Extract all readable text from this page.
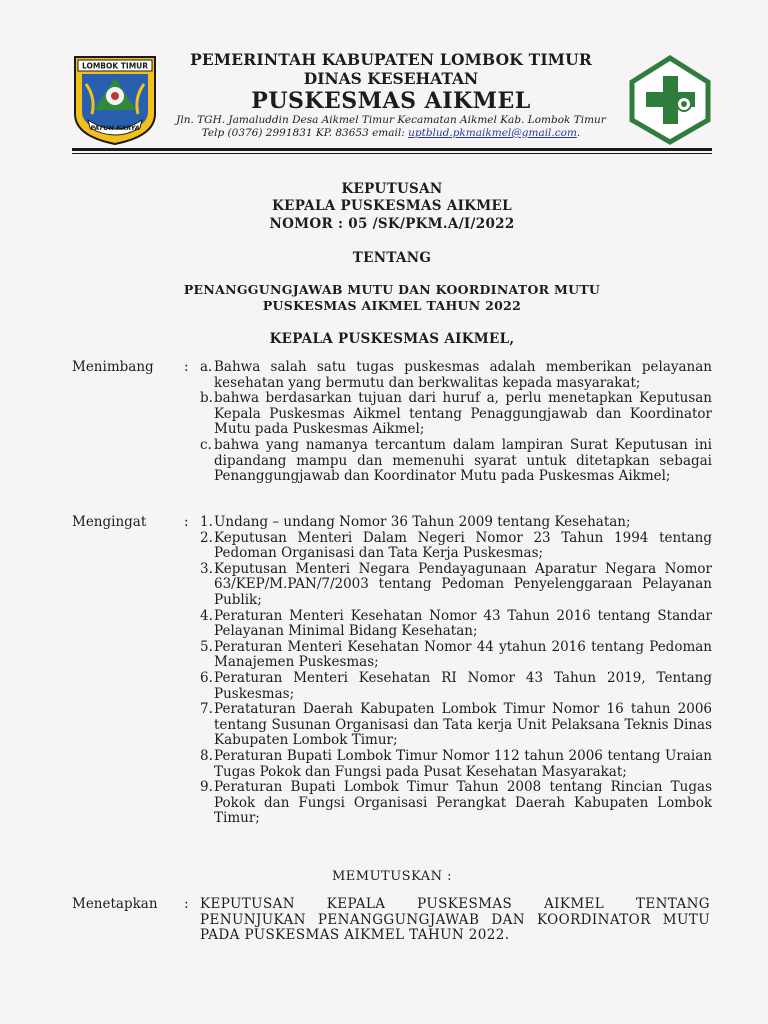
LOMBOK TIMUR
PATUH KARYA
PEMERINTAH KABUPATEN LOMBOK TIMUR
DINAS KESEHATAN
PUSKESMAS AIKMEL
Jln. TGH. Jamaluddin Desa Aikmel Timur Kecamatan Aikmel Kab. Lombok Timur
Telp (0376) 2991831 KP. 83653 email: uptblud.pkmaikmel@gmail.com.
KEPUTUSAN
KEPALA PUSKESMAS AIKMEL
NOMOR : 05 /SK/PKM.A/I/2022
TENTANG
PENANGGUNGJAWAB MUTU DAN KOORDINATOR MUTU
PUSKESMAS AIKMEL TAHUN 2022
KEPALA PUSKESMAS AIKMEL,
Menimbang	: a. Bahwa salah satu tugas puskesmas adalah memberikan pelayanan kesehatan yang bermutu dan berkwalitas kepada masyarakat;

b. bahwa berdasarkan tujuan dari huruf a, perlu menetapkan Keputusan Kepala Puskesmas Aikmel tentang Penaggungjawab dan Koordinator Mutu pada Puskesmas Aikmel;

c. bahwa yang namanya tercantum dalam lampiran Surat Keputusan ini dipandang mampu dan memenuhi syarat untuk ditetapkan sebagai Penanggungjawab dan Koordinator Mutu pada Puskesmas Aikmel;

Mengingat	: 1. Undang – undang Nomor 36 Tahun 2009 tentang Kesehatan;

2. Keputusan Menteri Dalam Negeri Nomor 23 Tahun 1994 tentang Pedoman Organisasi dan Tata Kerja Puskesmas;

3. Keputusan Menteri Negara Pendayagunaan Aparatur Negara Nomor 63/KEP/M.PAN/7/2003 tentang Pedoman Penyelenggaraan Pelayanan Publik;

4. Peraturan Menteri Kesehatan Nomor 43 Tahun 2016 tentang Standar Pelayanan Minimal Bidang Kesehatan;

5. Peraturan Menteri Kesehatan Nomor 44 ytahun 2016 tentang Pedoman Manajemen Puskesmas;

6. Peraturan Menteri Kesehatan RI Nomor 43 Tahun 2019, Tentang Puskesmas;

7. Perataturan Daerah Kabupaten Lombok Timur Nomor 16 tahun 2006 tentang Susunan Organisasi dan Tata kerja Unit Pelaksana Teknis Dinas Kabupaten Lombok Timur;

8. Peraturan Bupati Lombok Timur Nomor 112 tahun 2006 tentang Uraian Tugas Pokok dan Fungsi pada Pusat Kesehatan Masyarakat;

9. Peraturan Bupati Lombok Timur Tahun 2008 tentang Rincian Tugas Pokok dan Fungsi Organisasi Perangkat Daerah Kabupaten Lombok Timur;

MEMUTUSKAN :
Menetapkan	: KEPUTUSAN KEPALA PUSKESMAS AIKMEL TENTANG PENUNJUKAN PENANGGUNGJAWAB DAN KOORDINATOR MUTU PADA PUSKESMAS AIKMEL TAHUN 2022.
